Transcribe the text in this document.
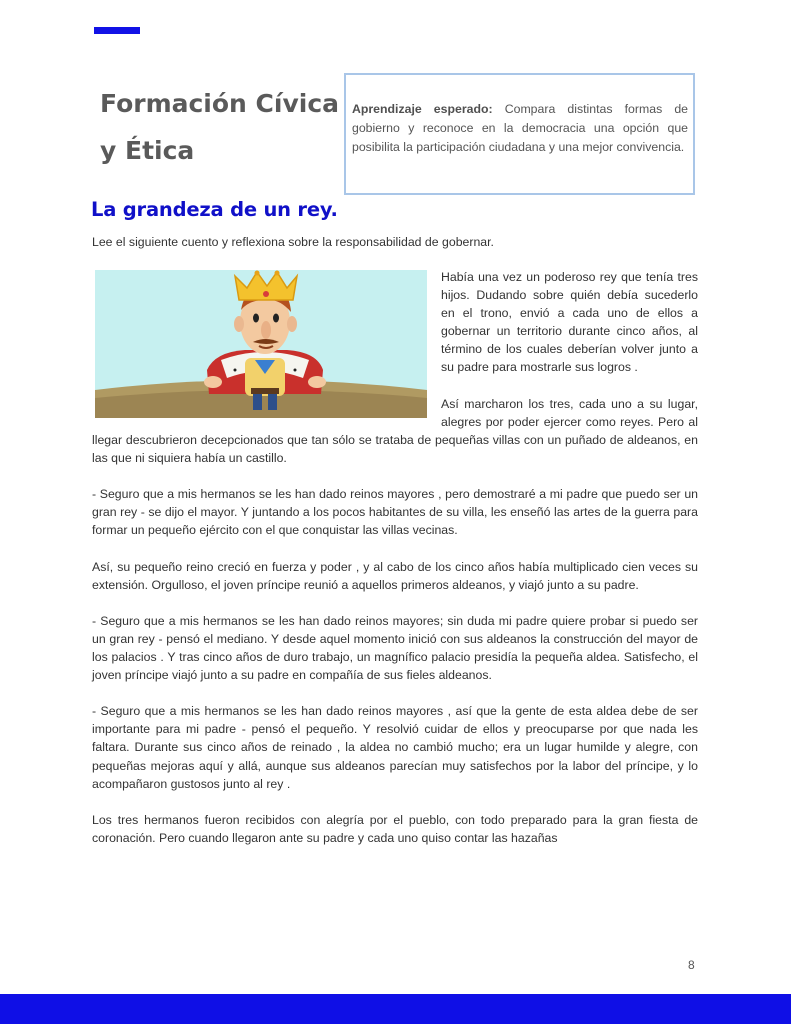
Formación Cívica
y Ética
Aprendizaje esperado: Compara distintas formas de gobierno y reconoce en la democracia una opción que posibilita la participación ciudadana y una mejor convivencia.
La grandeza de un rey.
Lee el siguiente cuento y reflexiona sobre la responsabilidad de gobernar.

Había una vez un poderoso rey que tenía tres hijos. Dudando sobre quién debía sucederlo en el trono, envió a cada uno de ellos a gobernar un territorio durante cinco años, al término de los cuales deberían volver junto a su padre para mostrarle sus logros .

Así marcharon los tres, cada uno a su lugar, alegres por poder ejercer como reyes. Pero al llegar descubrieron decepcionados que tan sólo se trataba de pequeñas villas con un puñado de aldeanos, en las que ni siquiera había un castillo.

- Seguro que a mis hermanos se les han dado reinos mayores , pero demostraré a mi padre que puedo ser un gran rey - se dijo el mayor. Y juntando a los pocos habitantes de su villa, les enseñó las artes de la guerra para formar un pequeño ejército con el que conquistar las villas vecinas.

Así, su pequeño reino creció en fuerza y poder , y al cabo de los cinco años había multiplicado cien veces su extensión. Orgulloso, el joven príncipe reunió a aquellos primeros aldeanos, y viajó junto a su padre.

- Seguro que a mis hermanos se les han dado reinos mayores; sin duda mi padre quiere probar si puedo ser un gran rey - pensó el mediano. Y desde aquel momento inició con sus aldeanos la construcción del mayor de los palacios . Y tras cinco años de duro trabajo, un magnífico palacio presidía la pequeña aldea. Satisfecho, el joven príncipe viajó junto a su padre en compañía de sus fieles aldeanos.

- Seguro que a mis hermanos se les han dado reinos mayores , así que la gente de esta aldea debe de ser importante para mi padre - pensó el pequeño. Y resolvió cuidar de ellos y preocuparse por que nada les faltara. Durante sus cinco años de reinado , la aldea no cambió mucho; era un lugar humilde y alegre, con pequeñas mejoras aquí y allá, aunque sus aldeanos parecían muy satisfechos por la labor del príncipe, y lo acompañaron gustosos junto al rey .

Los tres hermanos fueron recibidos con alegría por el pueblo, con todo preparado para la gran fiesta de coronación. Pero cuando llegaron ante su padre y cada uno quiso contar las hazañas

8
